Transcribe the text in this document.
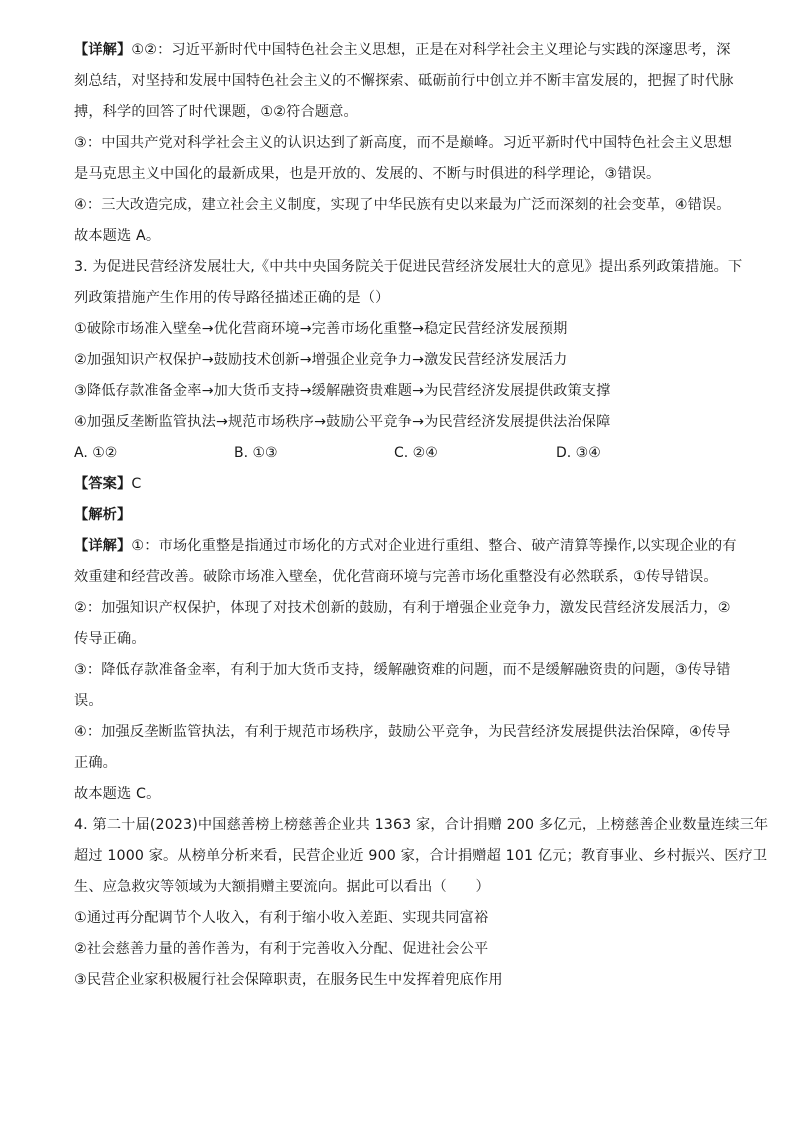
【详解】①②：习近平新时代中国特色社会主义思想，正是在对科学社会主义理论与实践的深邃思考，深
刻总结，对坚持和发展中国特色社会主义的不懈探索、砥砺前行中创立并不断丰富发展的，把握了时代脉
搏，科学的回答了时代课题，①②符合题意。
③：中国共产党对科学社会主义的认识达到了新高度，而不是巅峰。习近平新时代中国特色社会主义思想
是马克思主义中国化的最新成果，也是开放的、发展的、不断与时俱进的科学理论，③错误。
④：三大改造完成，建立社会主义制度，实现了中华民族有史以来最为广泛而深刻的社会变革，④错误。
故本题选 A。
3. 为促进民营经济发展壮大,《中共中央国务院关于促进民营经济发展壮大的意见》提出系列政策措施。下
列政策措施产生作用的传导路径描述正确的是（）
①破除市场准入壁垒→优化营商环境→完善市场化重整→稳定民营经济发展预期
②加强知识产权保护→鼓励技术创新→增强企业竞争力→激发民营经济发展活力
③降低存款准备金率→加大货币支持→缓解融资贵难题→为民营经济发展提供政策支撑
④加强反垄断监管执法→规范市场秩序→鼓励公平竞争→为民营经济发展提供法治保障
【答案】C
【解析】
【详解】①：市场化重整是指通过市场化的方式对企业进行重组、整合、破产清算等操作,以实现企业的有
效重建和经营改善。破除市场准入壁垒，优化营商环境与完善市场化重整没有必然联系，①传导错误。
②：加强知识产权保护，体现了对技术创新的鼓励，有利于增强企业竞争力，激发民营经济发展活力，②
传导正确。
③：降低存款准备金率，有利于加大货币支持，缓解融资难的问题，而不是缓解融资贵的问题，③传导错
误。
④：加强反垄断监管执法，有利于规范市场秩序，鼓励公平竞争，为民营经济发展提供法治保障，④传导
正确。
故本题选 C。
4. 第二十届(2023)中国慈善榜上榜慈善企业共 1363 家，合计捐赠 200 多亿元，上榜慈善企业数量连续三年
超过 1000 家。从榜单分析来看，民营企业近 900 家，合计捐赠超 101 亿元；教育事业、乡村振兴、医疗卫
生、应急救灾等领域为大额捐赠主要流向。据此可以看出（　　）
①通过再分配调节个人收入，有利于缩小收入差距、实现共同富裕
②社会慈善力量的善作善为，有利于完善收入分配、促进社会公平
③民营企业家积极履行社会保障职责，在服务民生中发挥着兜底作用
A. ①②	B. ①③	C. ②④	D. ③④
